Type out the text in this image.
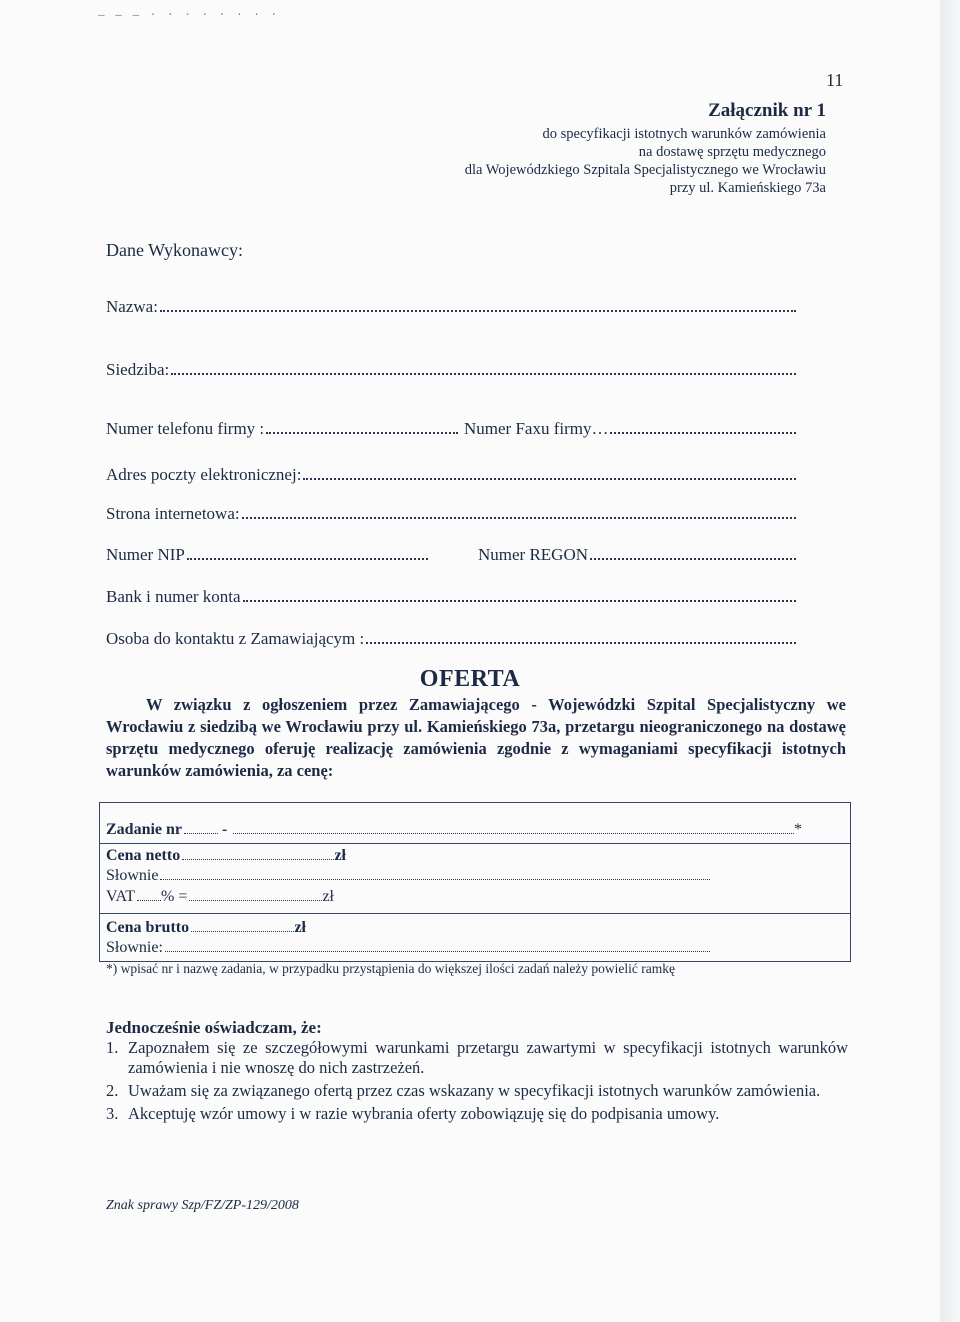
— — – · · · · · · · ·
11
Załącznik nr 1
do specyfikacji istotnych warunków zamówienia
na dostawę sprzętu medycznego
dla Wojewódzkiego Szpitala Specjalistycznego we Wrocławiu
przy ul. Kamieńskiego 73a
Dane Wykonawcy:
Nazwa:
Siedziba:
Numer telefonu firmy :	Numer Faxu firmy…
Adres poczty elektronicznej:
Strona internetowa:
Numer NIP	Numer REGON
Bank i numer konta
Osoba do kontaktu z Zamawiającym :
OFERTA

W związku z ogłoszeniem przez Zamawiającego - Wojewódzki Szpital Specjalistyczny we Wrocławiu z siedzibą we Wrocławiu przy ul. Kamieńskiego 73a, przetargu nieograniczonego na dostawę sprzętu medycznego oferuję realizację zamówienia zgodnie z wymaganiami specyfikacji istotnych warunków zamówienia, za cenę:

Zadanie nr	-	*
Cena netto	zł
Słownie
VAT % =	zł
Cena brutto	zł
Słownie:
*) wpisać nr i nazwę zadania, w przypadku przystąpienia do większej ilości zadań należy powielić ramkę
Jednocześnie oświadczam, że:
1. Zapoznałem się ze szczegółowymi warunkami przetargu zawartymi w specyfikacji istotnych warunków zamówienia i nie wnoszę do nich zastrzeżeń.
2. Uważam się za związanego ofertą przez czas wskazany w specyfikacji istotnych warunków zamówienia.
3. Akceptuję wzór umowy i w razie wybrania oferty zobowiązuję się do podpisania umowy.
Znak sprawy Szp/FZ/ZP-129/2008
